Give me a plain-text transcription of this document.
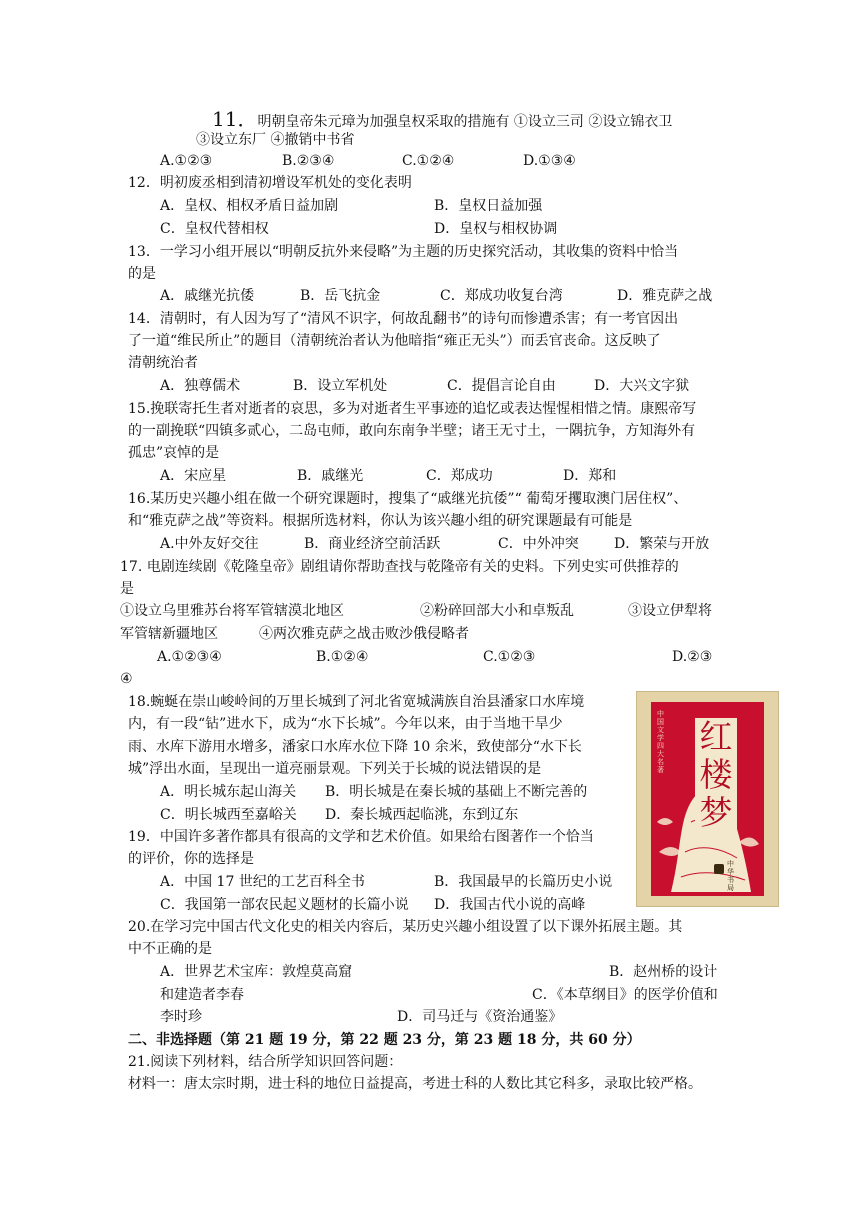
11．明朝皇帝朱元璋为加强皇权采取的措施有 ①设立三司 ②设立锦衣卫
③设立东厂 ④撤销中书省
A.①②③	B.②③④	C.①②④	D.①③④
12．明初废丞相到清初增设军机处的变化表明
A．皇权、相权矛盾日益加剧	B．皇权日益加强
C．皇权代替相权	D．皇权与相权协调
13．一学习小组开展以“明朝反抗外来侵略”为主题的历史探究活动，其收集的资料中恰当
的是
A．戚继光抗倭	B．岳飞抗金	C．郑成功收复台湾	D．雅克萨之战
14．清朝时，有人因为写了“清风不识字，何故乱翻书”的诗句而惨遭杀害；有一考官因出
了一道“维民所止”的题目（清朝统治者认为他暗指“雍正无头”）而丢官丧命。这反映了
清朝统治者
A．独尊儒术	B．设立军机处	C．提倡言论自由	D．大兴文字狱
15.挽联寄托生者对逝者的哀思，多为对逝者生平事迹的追忆或表达惺惺相惜之情。康熙帝写
的一副挽联“四镇多贰心，二岛屯师，敢向东南争半壁；诸王无寸土，一隅抗争，方知海外有
孤忠”哀悼的是
A．宋应星	B．戚继光	C．郑成功	D．郑和
16.某历史兴趣小组在做一个研究课题时，搜集了“戚继光抗倭”“ 葡萄牙攫取澳门居住权”、
和“雅克萨之战”等资料。根据所选材料，你认为该兴趣小组的研究课题最有可能是
A.中外友好交往	B．商业经济空前活跃	C．中外冲突	D．繁荣与开放
17. 电剧连续剧《乾隆皇帝》剧组请你帮助查找与乾隆帝有关的史料。下列史实可供推荐的
是
①设立乌里雅苏台将军管辖漠北地区	②粉碎回部大小和卓叛乱	③设立伊犁将
军管辖新疆地区	④两次雅克萨之战击败沙俄侵略者
A.①②③④	B.①②④	C.①②③	D.②③
④
18.蜿蜒在崇山峻岭间的万里长城到了河北省宽城满族自治县潘家口水库境
内，有一段“钻”进水下，成为“水下长城”。今年以来，由于当地干旱少
雨、水库下游用水增多，潘家口水库水位下降 10 余米，致使部分“水下长
城”浮出水面，呈现出一道亮丽景观。下列关于长城的说法错误的是
A．明长城东起山海关 B．明长城是在秦长城的基础上不断完善的
C．明长城西至嘉峪关 D．秦长城西起临洮，东到辽东
19．中国许多著作都具有很高的文学和艺术价值。如果给右图著作一个恰当
的评价，你的选择是
A．中国 17 世纪的工艺百科全书	B．我国最早的长篇历史小说
C．我国第一部农民起义题材的长篇小说 D．我国古代小说的高峰
中国文学四大名著
红楼梦
中华书局
20.在学习完中国古代文化史的相关内容后，某历史兴趣小组设置了以下课外拓展主题。其
中不正确的是
A．世界艺术宝库：敦煌莫高窟	B．赵州桥的设计
和建造者李春	C．《本草纲目》的医学价值和
李时珍	D．司马迁与《资治通鉴》
二、非选择题（第 21 题 19 分，第 22 题 23 分，第 23 题 18 分，共 60 分）
21.阅读下列材料，结合所学知识回答问题：
材料一：唐太宗时期，进士科的地位日益提高，考进士科的人数比其它科多，录取比较严格。
